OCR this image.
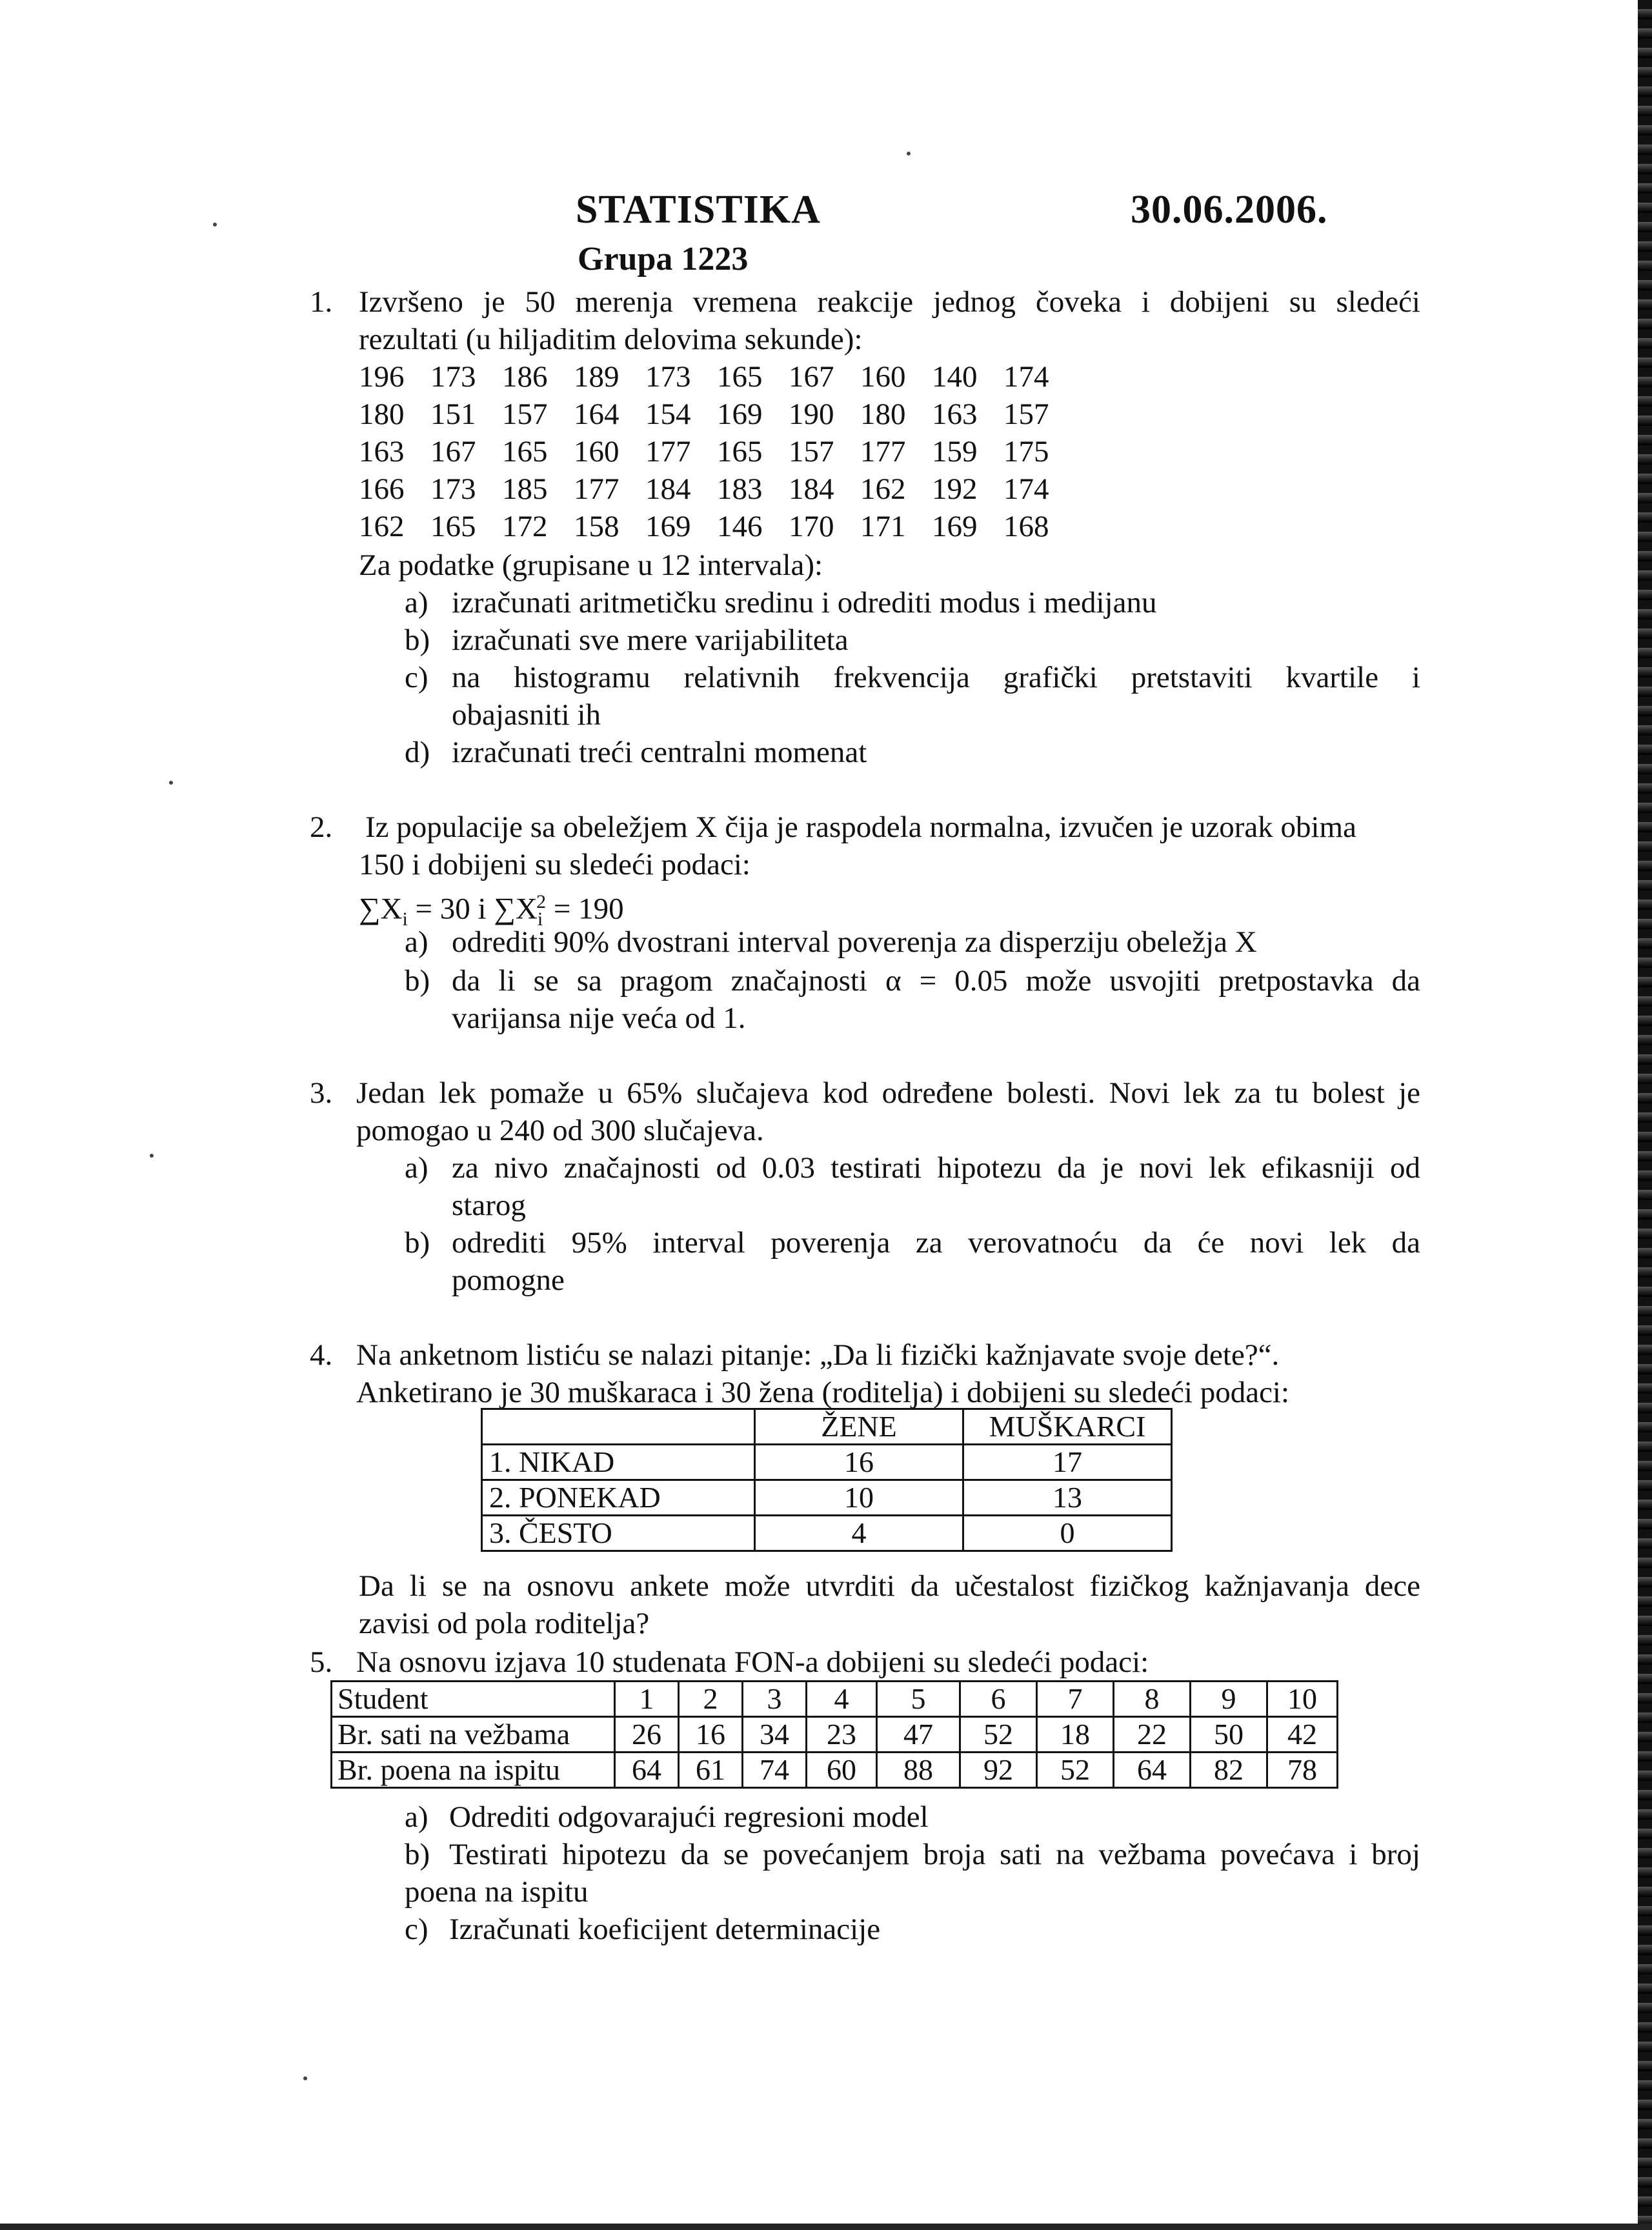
STATISTIKA	30.06.2006.
Grupa 1223
1. Izvršeno je 50 merenja vremena reakcije jednog čoveka i dobijeni su sledeći
rezultati (u hiljaditim delovima sekunde):
196 173 186 189 173 165 167 160 140 174
180 151 157 164 154 169 190 180 163 157
163 167 165 160 177 165 157 177 159 175
166 173 185 177 184 183 184 162 192 174
162 165 172 158 169 146 170 171 169 168
Za podatke (grupisane u 12 intervala):
a) izračunati aritmetičku sredinu i odrediti modus i medijanu
b) izračunati sve mere varijabiliteta
c) na histogramu relativnih frekvencija grafički pretstaviti kvartile i
obajasniti ih
d) izračunati treći centralni momenat
2. Iz populacije sa obeležjem X čija je raspodela normalna, izvučen je uzorak obima
150 i dobijeni su sledeći podaci:
$\sum X_i = 30$ i $\sum X_i^2 = 190$
a) odrediti 90% dvostrani interval poverenja za disperziju obeležja X
b) da li se sa pragom značajnosti α = 0.05 može usvojiti pretpostavka da
varijansa nije veća od 1.
3. Jedan lek pomaže u 65% slučajeva kod određene bolesti. Novi lek za tu bolest je
pomogao u 240 od 300 slučajeva.
a) za nivo značajnosti od 0.03 testirati hipotezu da je novi lek efikasniji od
starog
b) odrediti 95% interval poverenja za verovatnoću da će novi lek da
pomogne
4. Na anketnom listiću se nalazi pitanje: „Da li fizički kažnjavate svoje dete?“.
Anketirano je 30 muškaraca i 30 žena (roditelja) i dobijeni su sledeći podaci:
	ŽENE	MUŠKARCI
1. NIKAD	16	17
2. PONEKAD	10	13
3. ČESTO	4	0
Da li se na osnovu ankete može utvrditi da učestalost fizičkog kažnjavanja dece
zavisi od pola roditelja?
5. Na osnovu izjava 10 studenata FON-a dobijeni su sledeći podaci:
Student	1	2	3	4	5	6	7	8	9	10
Br. sati na vežbama	26	16	34	23	47	52	18	22	50	42
Br. poena na ispitu	64	61	74	60	88	92	52	64	82	78
a) Odrediti odgovarajući regresioni model
b) Testirati hipotezu da se povećanjem broja sati na vežbama povećava i broj
poena na ispitu
c) Izračunati koeficijent determinacije
